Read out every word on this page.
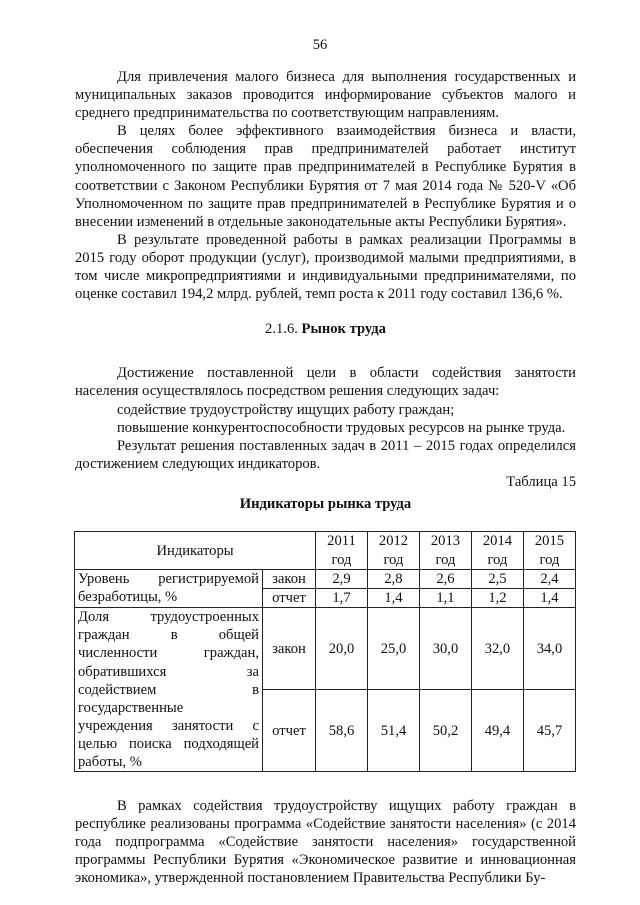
56

Для привлечения малого бизнеса для выполнения государственных и муниципальных заказов проводится информирование субъектов малого и среднего предпринимательства по соответствующим направлениям.

В целях более эффективного взаимодействия бизнеса и власти, обеспечения соблюдения прав предпринимателей работает институт уполномоченного по защите прав предпринимателей в Республике Бурятия в соответствии с Законом Республики Бурятия от 7 мая 2014 года № 520-V «Об Уполномоченном по защите прав предпринимателей в Республике Бурятия и о внесении изменений в отдельные законодательные акты Республики Бурятия».

В результате проведенной работы в рамках реализации Программы в 2015 году оборот продукции (услуг), производимой малыми предприятиями, в том числе микропредприятиями и индивидуальными предпринимателями, по оценке составил 194,2 млрд. рублей, темп роста к 2011 году составил 136,6 %.

2.1.6. Рынок труда

Достижение поставленной цели в области содействия занятости населения осуществлялось посредством решения следующих задач:

содействие трудоустройству ищущих работу граждан;

повышение конкурентоспособности трудовых ресурсов на рынке труда.

Результат решения поставленных задач в 2011 – 2015 годах определился достижением следующих индикаторов.

Таблица 15
Индикаторы рынка труда
Индикаторы		2011 год	2012 год	2013 год	2014 год	2015 год
Уровень регистрируемой безработицы, %	закон	2,9	2,8	2,6	2,5	2,4
	отчет	1,7	1,4	1,1	1,2	1,4
Доля трудоустроенных граждан в общей численности граждан, обратившихся за содействием в государственные учреждения занятости с целью поиска подходящей работы, %	закон	20,0	25,0	30,0	32,0	34,0
	отчет	58,6	51,4	50,2	49,4	45,7

В рамках содействия трудоустройству ищущих работу граждан в республике реализованы программа «Содействие занятости населения» (с 2014 года подпрограмма «Содействие занятости населения» государственной программы Республики Бурятия «Экономическое развитие и инновационная экономика», утвержденной постановлением Правительства Республики Бу-
